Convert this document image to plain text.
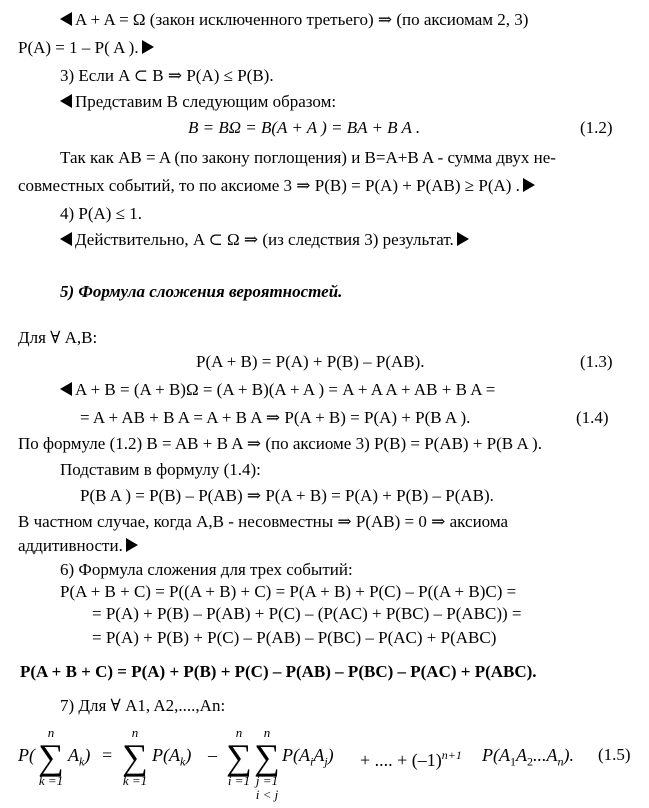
A + A = Ω (закон исключенного третьего) ⇒ (по аксиомам 2, 3)
P(A) = 1 – P( A ).
3) Если A ⊂ B ⇒ P(A) ≤ P(B).
Представим B следующим образом:
B = BΩ = B(A + A ) = BA + B A .	(1.2)
Так как AB = A (по закону поглощения) и B=A+B A - сумма двух не-
совместных событий, то по аксиоме 3 ⇒ P(B) = P(A) + P(AB) ≥ P(A) .
4) P(A) ≤ 1.
Действительно, A ⊂ Ω ⇒ (из следствия 3) результат.
5) Формула сложения вероятностей.
Для ∀ A,B:
P(A + B) = P(A) + P(B) – P(AB).	(1.3)
A + B = (A + B)Ω = (A + B)(A + A ) = A + A A + AB + B A =
= A + AB + B A = A + B A ⇒ P(A + B) = P(A) + P(B A ).	(1.4)
По формуле (1.2) B = AB + B A ⇒ (по аксиоме 3) P(B) = P(AB) + P(B A ).
Подставим в формулу (1.4):
P(B A ) = P(B) – P(AB) ⇒ P(A + B) = P(A) + P(B) – P(AB).
В частном случае, когда A,B - несовместны ⇒ P(AB) = 0 ⇒ аксиома
аддитивности.
6) Формула сложения для трех событий:
P(A + B + C) = P((A + B) + C) = P(A + B) + P(C) – P((A + B)C) =
= P(A) + P(B) – P(AB) + P(C) – (P(AC) + P(BC) – P(ABC)) =
= P(A) + P(B) + P(C) – P(AB) – P(BC) – P(AC) + P(ABC)
P(A + B + C) = P(A) + P(B) + P(C) – P(AB) – P(BC) – P(AC) + P(ABC).
7) Для ∀ A1, A2,....,An:
P(
n
∑
k =1
$A_k$) =
n
∑
k =1
$P(A_k)$ –
n
∑
i =1
n
∑
j =1
i < j
$P(A_iA_j)$ + .... + $(-1)^{n+1}$ $P(A_1A_2...A_n)$. (1.5)
